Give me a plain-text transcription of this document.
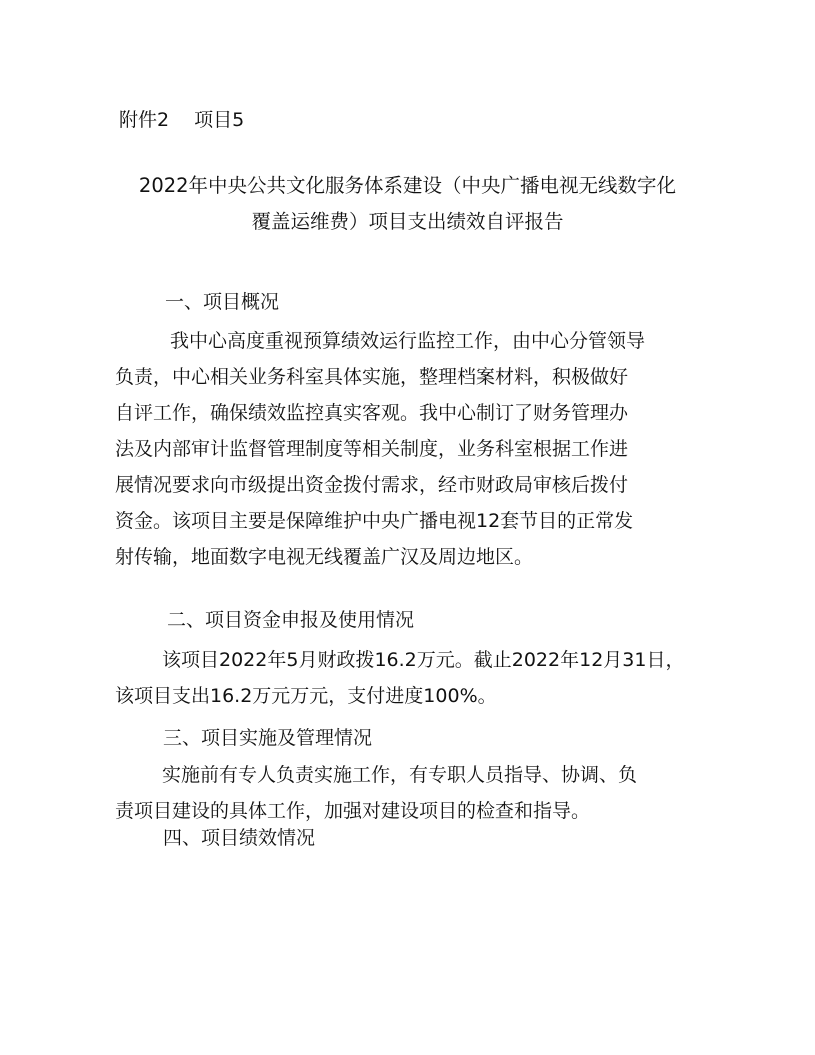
附件2　 项目5
2022年中央公共文化服务体系建设（中央广播电视无线数字化
覆盖运维费）项目支出绩效自评报告
一、项目概况
我中心高度重视预算绩效运行监控工作，由中心分管领导
负责，中心相关业务科室具体实施，整理档案材料，积极做好
自评工作，确保绩效监控真实客观。我中心制订了财务管理办
法及内部审计监督管理制度等相关制度，业务科室根据工作进
展情况要求向市级提出资金拨付需求，经市财政局审核后拨付
资金。该项目主要是保障维护中央广播电视12套节目的正常发
射传输，地面数字电视无线覆盖广汉及周边地区。
二、项目资金申报及使用情况
该项目2022年5月财政拨16.2万元。截止2022年12月31日，
该项目支出16.2万元万元，支付进度100%。
三、项目实施及管理情况
实施前有专人负责实施工作，有专职人员指导、协调、负
责项目建设的具体工作，加强对建设项目的检查和指导。
四、项目绩效情况
